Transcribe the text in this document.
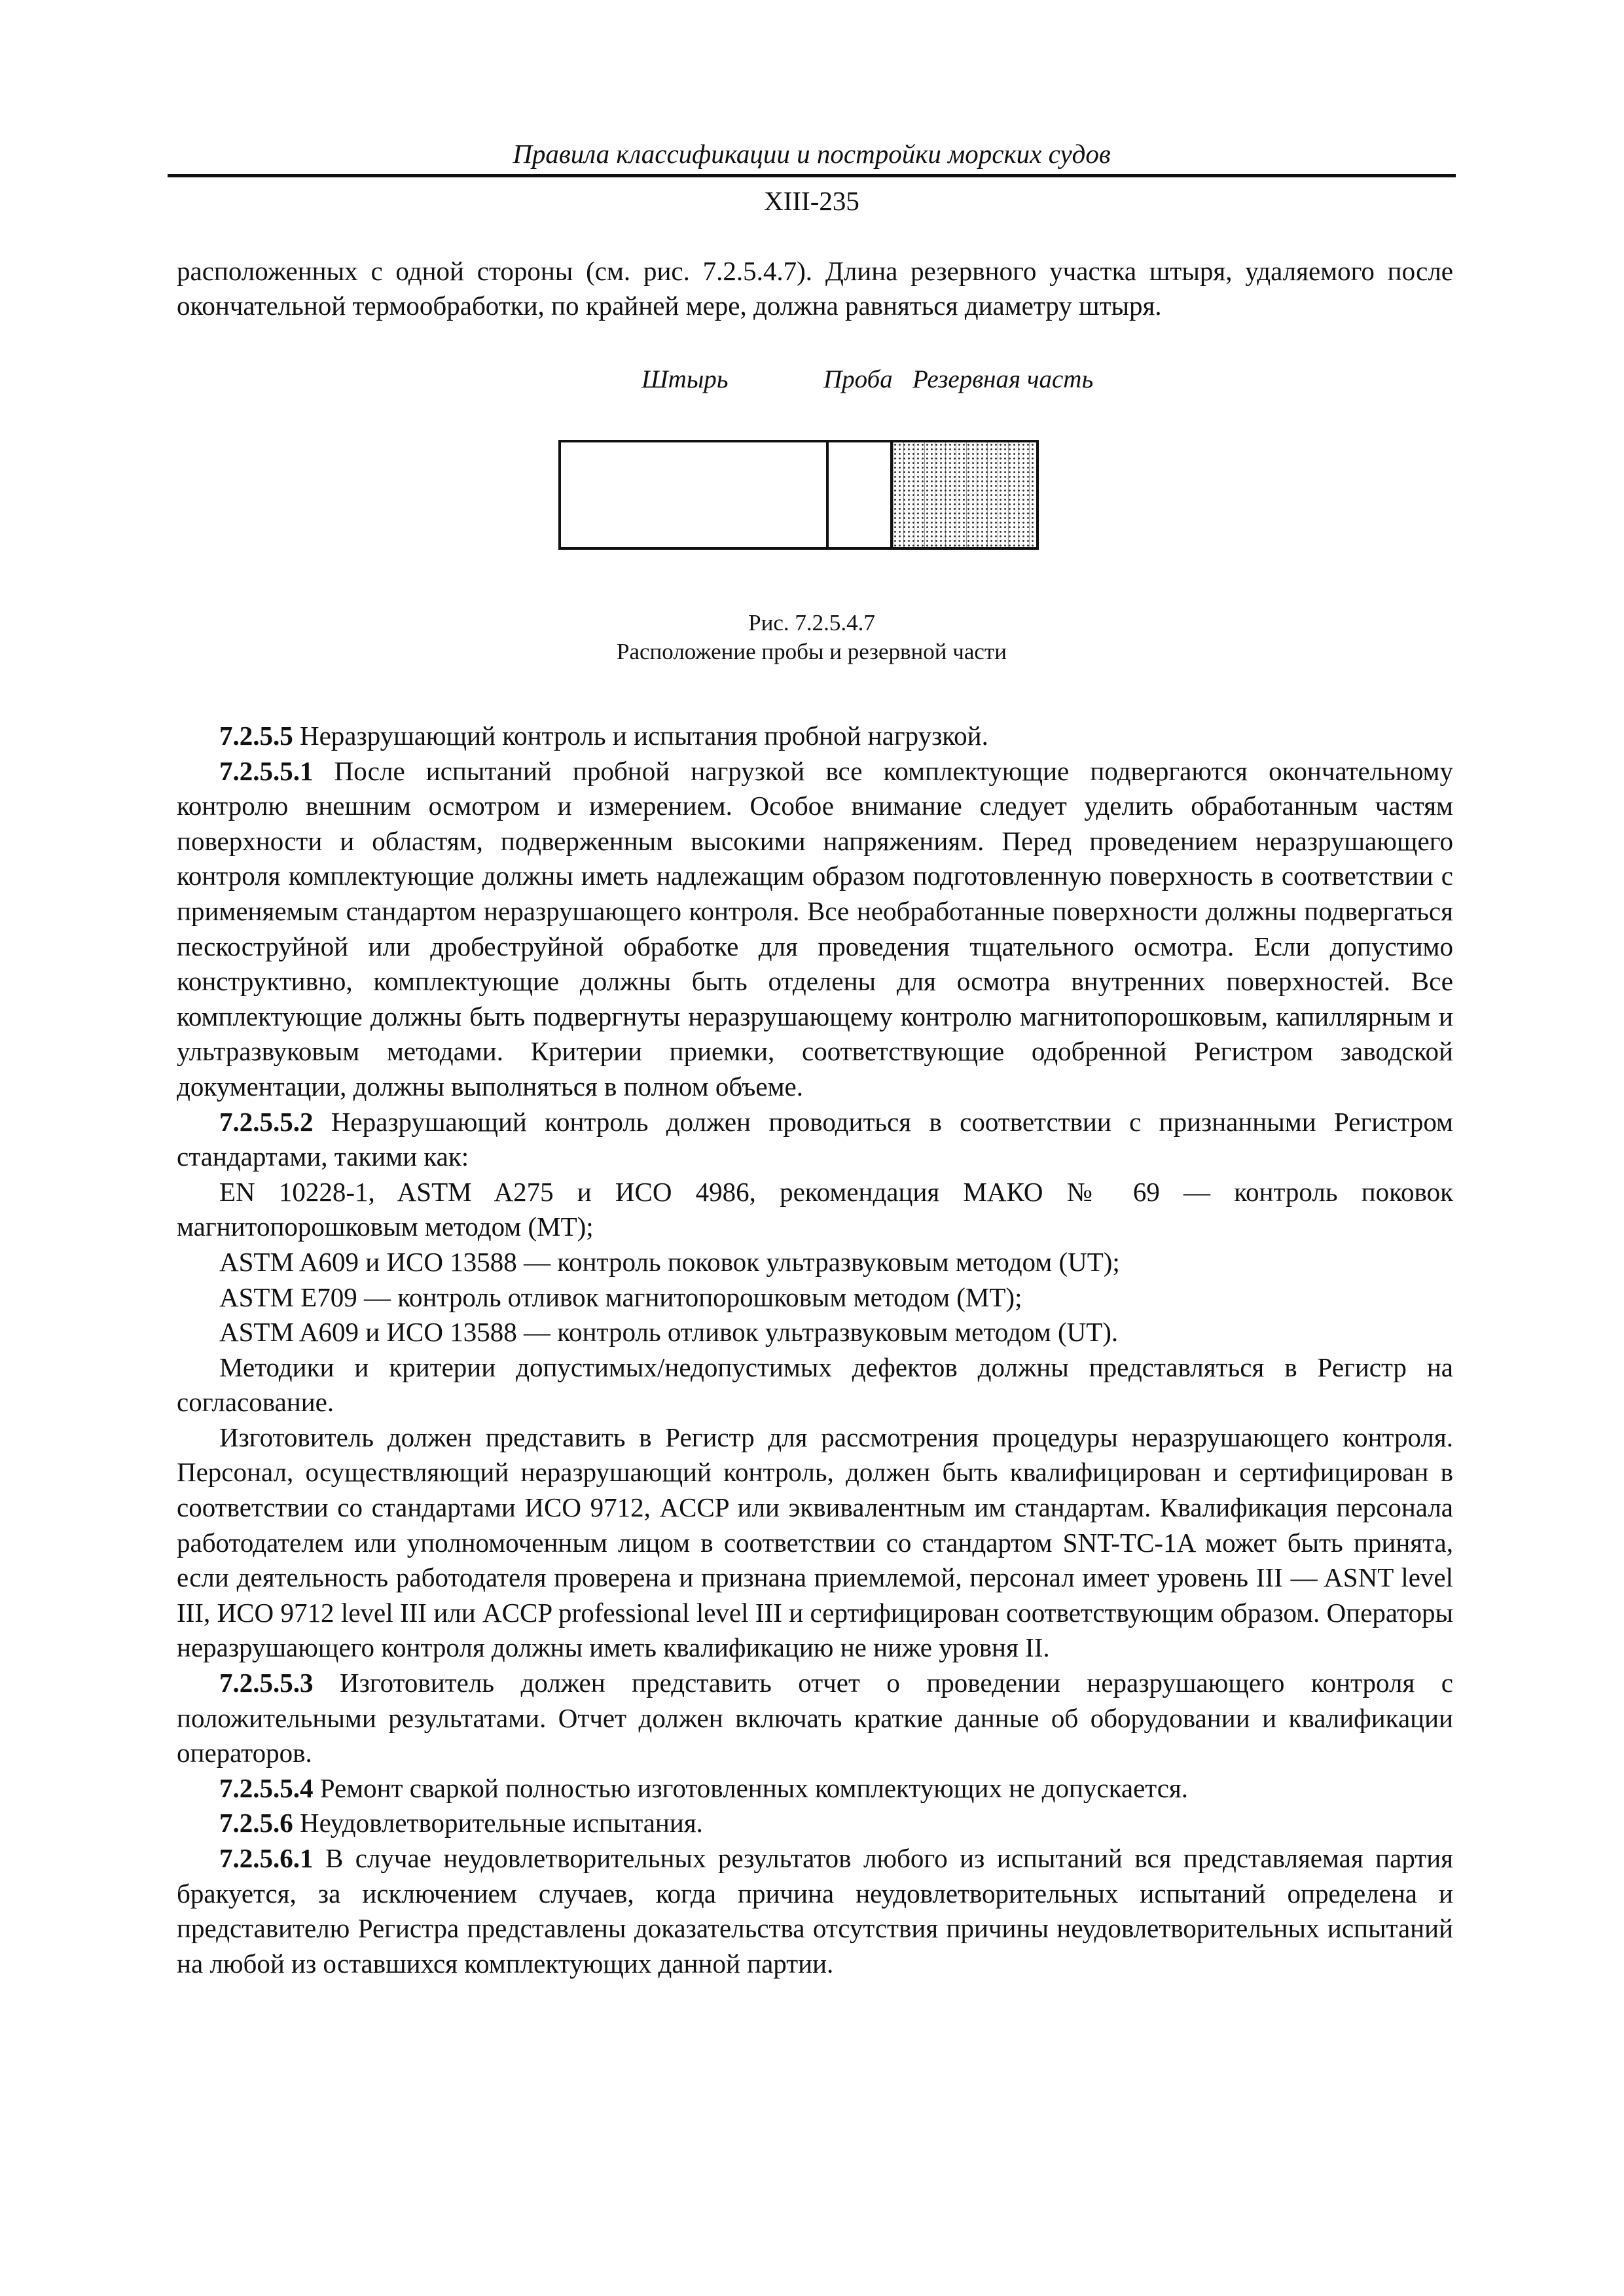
Правила классификации и постройки морских судов
XIII-235

расположенных с одной стороны (см. рис. 7.2.5.4.7). Длина резервного участка штыря, удаляемого после окончательной термообработки, по крайней мере, должна равняться диаметру штыря.

Штырь	Проба Резервная часть
Рис. 7.2.5.4.7
Расположение пробы и резервной части

7.2.5.5 Неразрушающий контроль и испытания пробной нагрузкой.

7.2.5.5.1 После испытаний пробной нагрузкой все комплектующие подвергаются окончательному контролю внешним осмотром и измерением. Особое внимание следует уделить обработанным частям поверхности и областям, подверженным высокими напряжениям. Перед проведением неразрушающего контроля комплектующие должны иметь надлежащим образом подготовленную поверхность в соответствии с применяемым стандартом неразрушающего контроля. Все необработанные поверхности должны подвергаться пескоструйной или дробеструйной обработке для проведения тщательного осмотра. Если допустимо конструктивно, комплектующие должны быть отделены для осмотра внутренних поверхностей. Все комплектующие должны быть подвергнуты неразрушающему контролю магнитопорошковым, капиллярным и ультразвуковым методами. Критерии приемки, соответствующие одобренной Регистром заводской документации, должны выполняться в полном объеме.

7.2.5.5.2 Неразрушающий контроль должен проводиться в соответствии с признанными Регистром стандартами, такими как:

EN 10228-1, ASTM A275 и ИСО 4986, рекомендация МАКО № 69 — контроль поковок магнитопорошковым методом (MT);

ASTM A609 и ИСО 13588 — контроль поковок ультразвуковым методом (UT);

ASTM E709 — контроль отливок магнитопорошковым методом (MT);

ASTM A609 и ИСО 13588 — контроль отливок ультразвуковым методом (UT).

Методики и критерии допустимых/недопустимых дефектов должны представляться в Регистр на согласование.

Изготовитель должен представить в Регистр для рассмотрения процедуры неразрушающего контроля. Персонал, осуществляющий неразрушающий контроль, должен быть квалифицирован и сертифицирован в соответствии со стандартами ИСО 9712, ACCP или эквивалентным им стандартам. Квалификация персонала работодателем или уполномоченным лицом в соответствии со стандартом SNT-TC-1A может быть принята, если деятельность работодателя проверена и признана приемлемой, персонал имеет уровень III — ASNT level III, ИСО 9712 level III или ACCP professional level III и сертифицирован соответствующим образом. Операторы неразрушающего контроля должны иметь квалификацию не ниже уровня II.

7.2.5.5.3 Изготовитель должен представить отчет о проведении неразрушающего контроля с положительными результатами. Отчет должен включать краткие данные об оборудовании и квалификации операторов.

7.2.5.5.4 Ремонт сваркой полностью изготовленных комплектующих не допускается.

7.2.5.6 Неудовлетворительные испытания.

7.2.5.6.1 В случае неудовлетворительных результатов любого из испытаний вся представляемая партия бракуется, за исключением случаев, когда причина неудовлетворительных испытаний определена и представителю Регистра представлены доказательства отсутствия причины неудовлетворительных испытаний на любой из оставшихся комплектующих данной партии.
